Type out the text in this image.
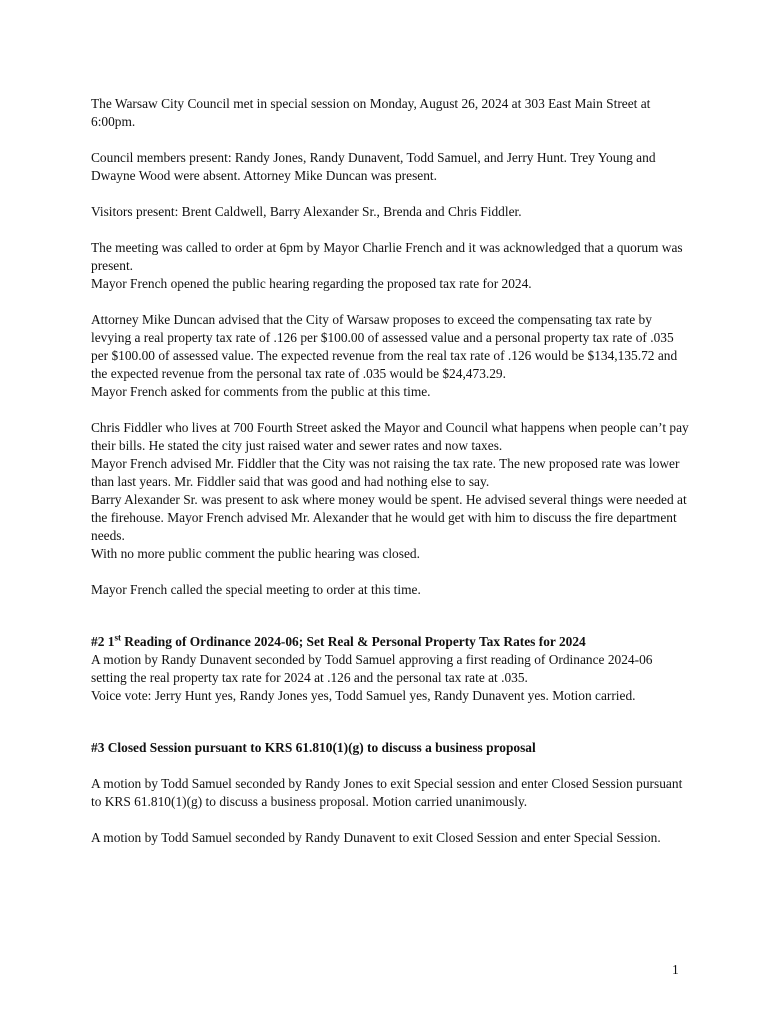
The Warsaw City Council met in special session on Monday, August 26, 2024 at 303 East Main Street at 6:00pm.

Council members present: Randy Jones, Randy Dunavent, Todd Samuel, and Jerry Hunt. Trey Young and Dwayne Wood were absent. Attorney Mike Duncan was present.

Visitors present: Brent Caldwell, Barry Alexander Sr., Brenda and Chris Fiddler.

The meeting was called to order at 6pm by Mayor Charlie French and it was acknowledged that a quorum was present.

Mayor French opened the public hearing regarding the proposed tax rate for 2024.

Attorney Mike Duncan advised that the City of Warsaw proposes to exceed the compensating tax rate by levying a real property tax rate of .126 per $100.00 of assessed value and a personal property tax rate of .035 per $100.00 of assessed value. The expected revenue from the real tax rate of .126 would be $134,135.72 and the expected revenue from the personal tax rate of .035 would be $24,473.29.

Mayor French asked for comments from the public at this time.

Chris Fiddler who lives at 700 Fourth Street asked the Mayor and Council what happens when people can’t pay their bills. He stated the city just raised water and sewer rates and now taxes.

Mayor French advised Mr. Fiddler that the City was not raising the tax rate. The new proposed rate was lower than last years. Mr. Fiddler said that was good and had nothing else to say.

Barry Alexander Sr. was present to ask where money would be spent. He advised several things were needed at the firehouse. Mayor French advised Mr. Alexander that he would get with him to discuss the fire department needs.

With no more public comment the public hearing was closed.

Mayor French called the special meeting to order at this time.

#2 1st Reading of Ordinance 2024-06; Set Real & Personal Property Tax Rates for 2024

A motion by Randy Dunavent seconded by Todd Samuel approving a first reading of Ordinance 2024-06 setting the real property tax rate for 2024 at .126 and the personal tax rate at .035.

Voice vote: Jerry Hunt yes, Randy Jones yes, Todd Samuel yes, Randy Dunavent yes. Motion carried.

#3 Closed Session pursuant to KRS 61.810(1)(g) to discuss a business proposal

A motion by Todd Samuel seconded by Randy Jones to exit Special session and enter Closed Session pursuant to KRS 61.810(1)(g) to discuss a business proposal. Motion carried unanimously.

A motion by Todd Samuel seconded by Randy Dunavent to exit Closed Session and enter Special Session.

1
